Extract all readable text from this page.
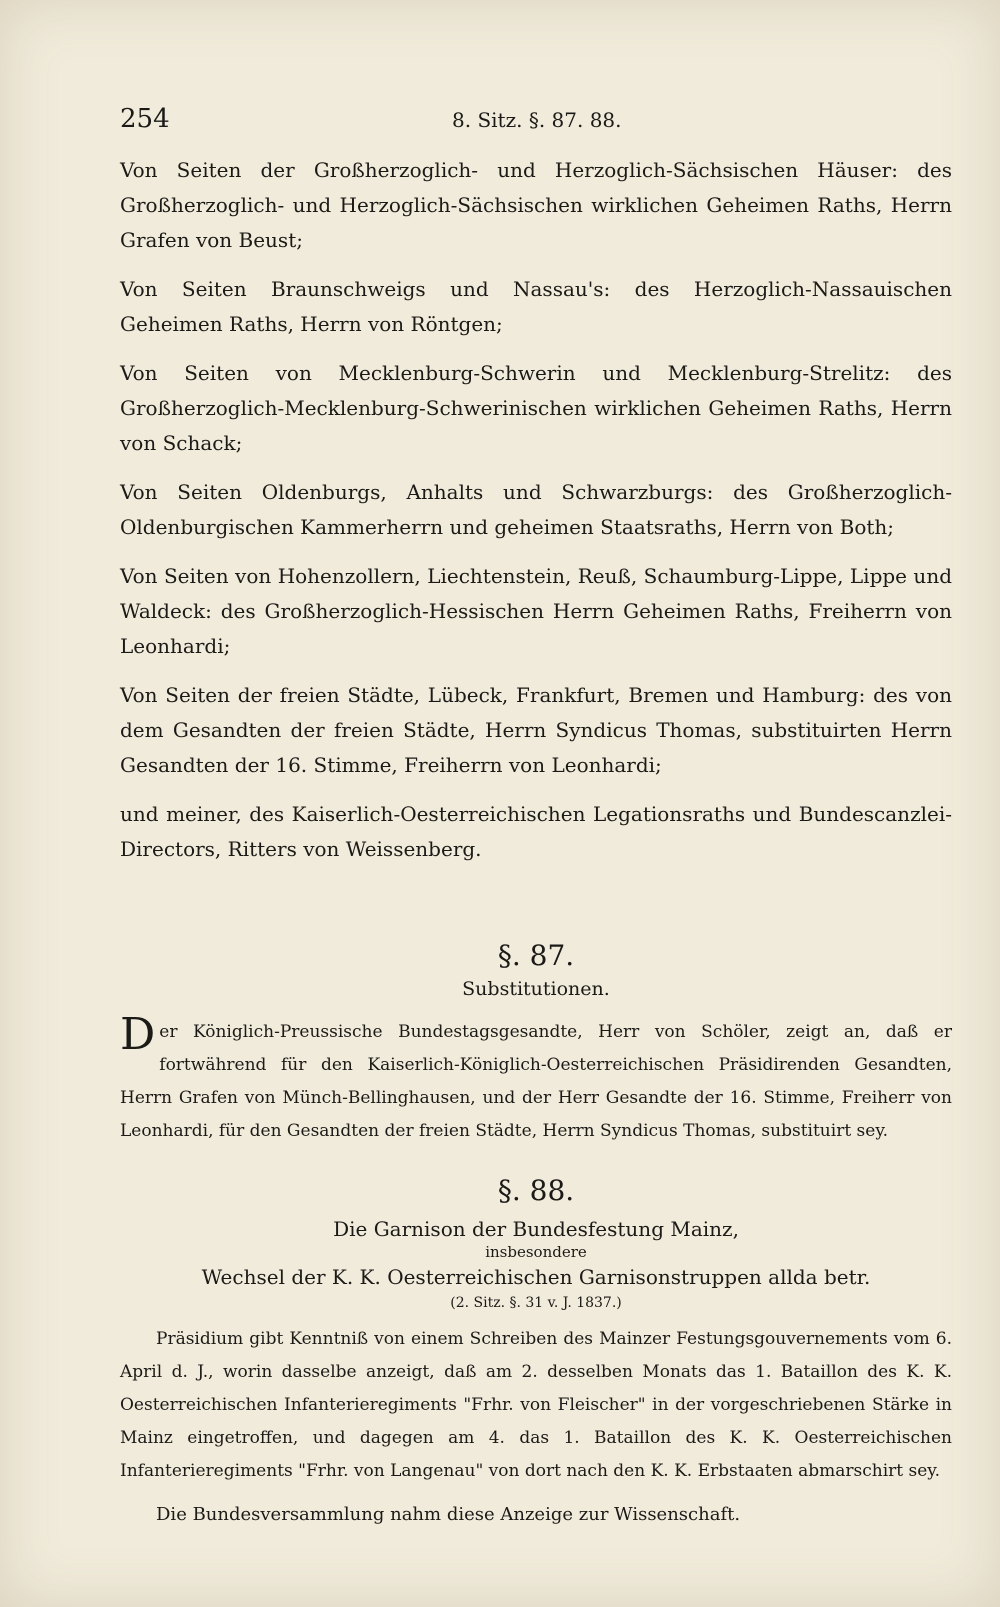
254	8. Sitz. §. 87. 88.

Von Seiten der Großherzoglich- und Herzoglich-Sächsischen Häuser: des Großherzoglich- und Herzoglich-Sächsischen wirklichen Geheimen Raths, Herrn Grafen von Beust;

Von Seiten Braunschweigs und Nassau's: des Herzoglich-Nassauischen Geheimen Raths, Herrn von Röntgen;

Von Seiten von Mecklenburg-Schwerin und Mecklenburg-Strelitz: des Großherzoglich-Mecklenburg-Schwerinischen wirklichen Geheimen Raths, Herrn von Schack;

Von Seiten Oldenburgs, Anhalts und Schwarzburgs: des Großherzoglich-Oldenburgischen Kammerherrn und geheimen Staatsraths, Herrn von Both;

Von Seiten von Hohenzollern, Liechtenstein, Reuß, Schaumburg-Lippe, Lippe und Waldeck: des Großherzoglich-Hessischen Herrn Geheimen Raths, Freiherrn von Leonhardi;

Von Seiten der freien Städte, Lübeck, Frankfurt, Bremen und Hamburg: des von dem Gesandten der freien Städte, Herrn Syndicus Thomas, substituirten Herrn Gesandten der 16. Stimme, Freiherrn von Leonhardi;

und meiner, des Kaiserlich-Oesterreichischen Legationsraths und Bundescanzlei-Directors, Ritters von Weissenberg.

§. 87.
Substitutionen.

Der Königlich-Preussische Bundestagsgesandte, Herr von Schöler, zeigt an, daß er fortwährend für den Kaiserlich-Königlich-Oesterreichischen Präsidirenden Gesandten, Herrn Grafen von Münch-Bellinghausen, und der Herr Gesandte der 16. Stimme, Freiherr von Leonhardi, für den Gesandten der freien Städte, Herrn Syndicus Thomas, substituirt sey.

§. 88.
Die Garnison der Bundesfestung Mainz,
insbesondere
Wechsel der K. K. Oesterreichischen Garnisonstruppen allda betr.
(2. Sitz. §. 31 v. J. 1837.)

Präsidium gibt Kenntniß von einem Schreiben des Mainzer Festungsgouvernements vom 6. April d. J., worin dasselbe anzeigt, daß am 2. desselben Monats das 1. Bataillon des K. K. Oesterreichischen Infanterieregiments "Frhr. von Fleischer" in der vorgeschriebenen Stärke in Mainz eingetroffen, und dagegen am 4. das 1. Bataillon des K. K. Oesterreichischen Infanterieregiments "Frhr. von Langenau" von dort nach den K. K. Erbstaaten abmarschirt sey.

Die Bundesversammlung nahm diese Anzeige zur Wissenschaft.
